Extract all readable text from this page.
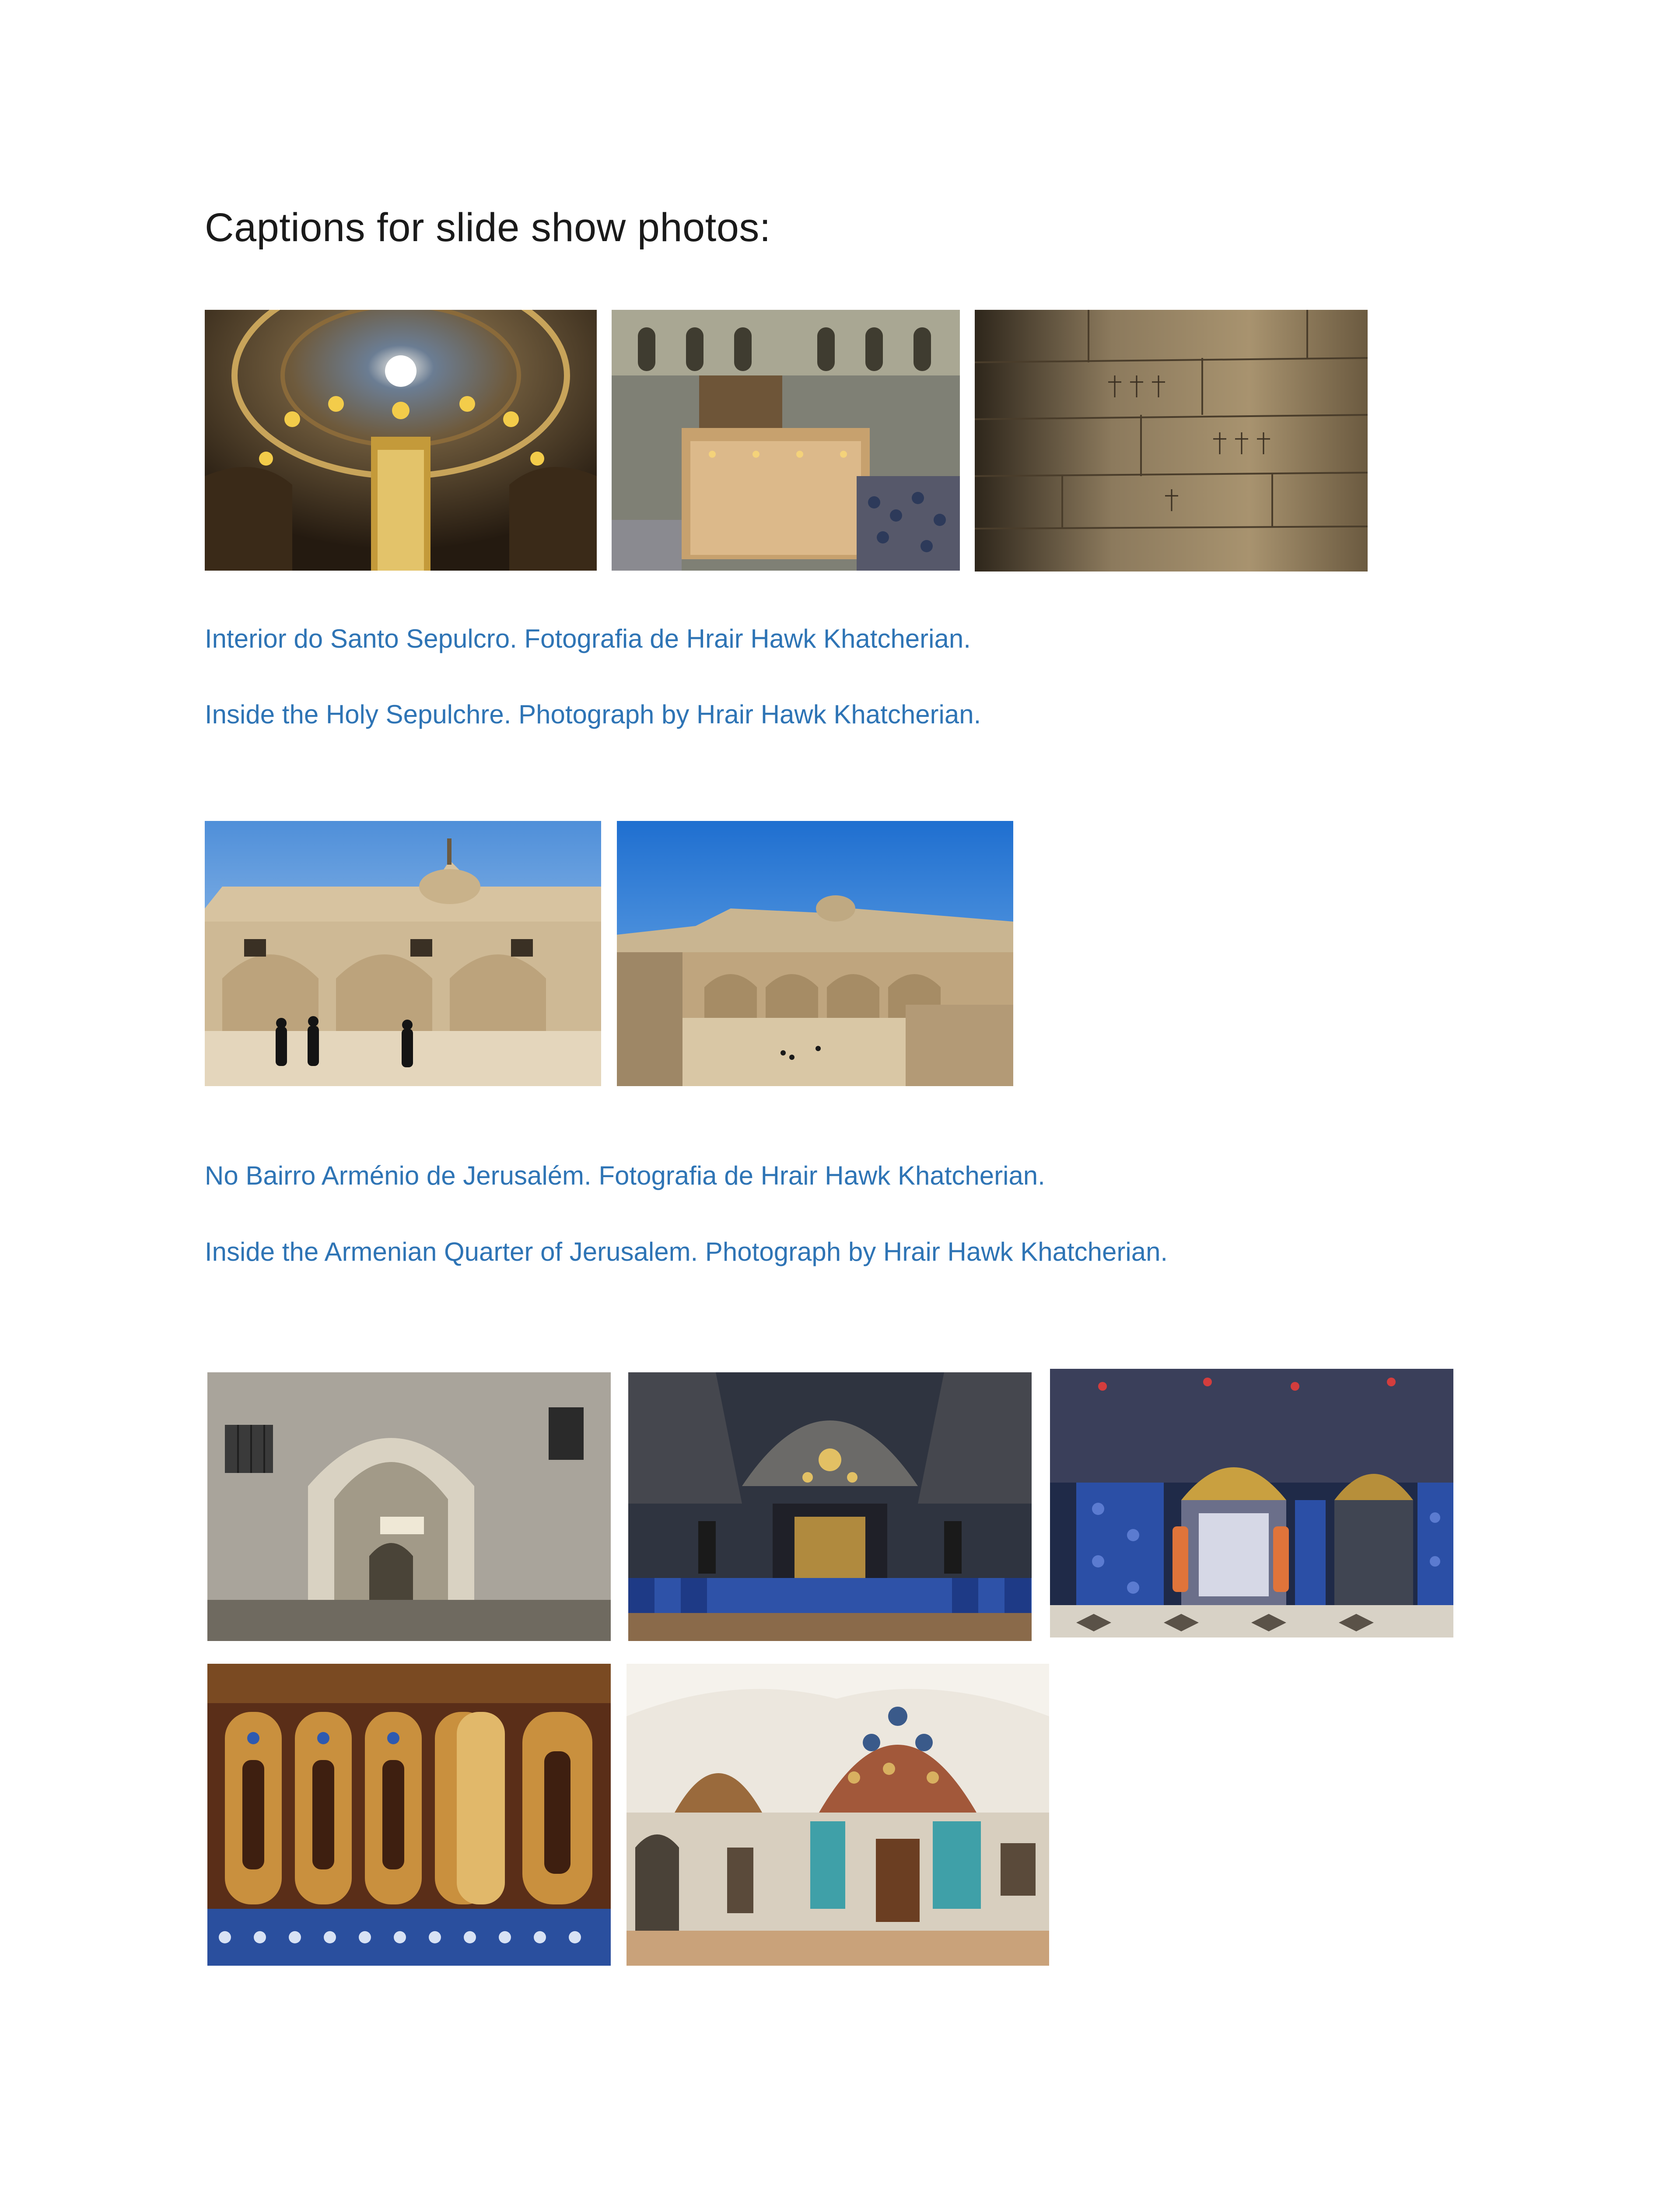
Captions for slide show photos:
Interior do Santo Sepulcro. Fotografia de Hrair Hawk Khatcherian.
Inside the Holy Sepulchre. Photograph by Hrair Hawk Khatcherian.
No Bairro Arménio de Jerusalém. Fotografia de Hrair Hawk Khatcherian.
Inside the Armenian Quarter of Jerusalem. Photograph by Hrair Hawk Khatcherian.
